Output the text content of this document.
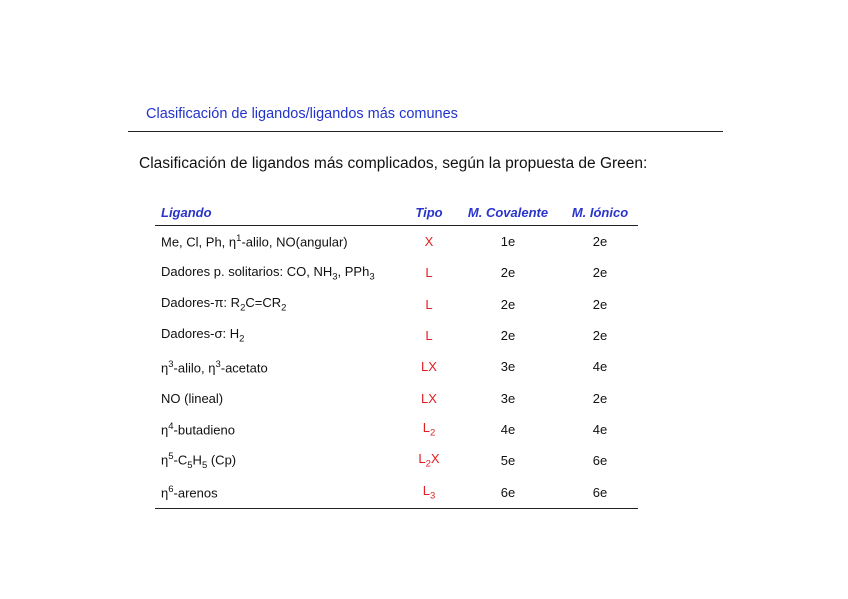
Clasificación de ligandos/ligandos más comunes
Clasificación de ligandos más complicados, según la propuesta de Green:
Ligando	Tipo	M. Covalente	M. Iónico
Me, Cl, Ph, $\eta^1$-alilo, NO(angular)	X	1e	2e
Dadores p. solitarios: CO, $NH_3$, PPh$_3$	L	2e	2e
Dadores-π: $R_2C=CR_2$	L	2e	2e
Dadores-σ: $H_2$	L	2e	2e
$\eta^3$-alilo, $\eta^3$-acetato	LX	3e	4e
NO (lineal)	LX	3e	2e
$\eta^4$-butadieno	$L_2$	4e	4e
$\eta^5-C_5H_5$ (Cp)	$L_2X$	5e	6e
$\eta^6$-arenos	$L_3$	6e	6e
